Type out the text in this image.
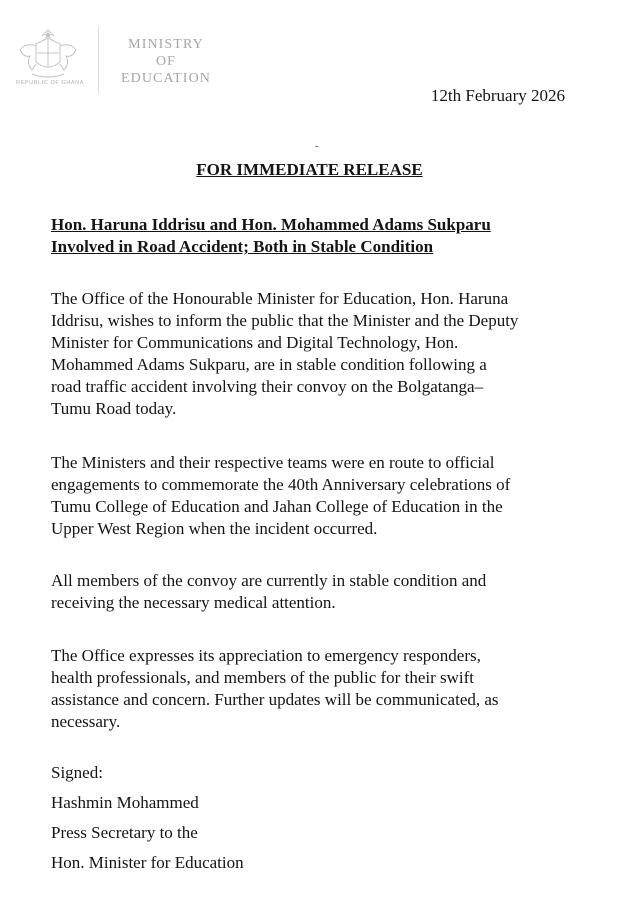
REPUBLIC OF GHANA
MINISTRY
OF
EDUCATION
12th February 2026
-
FOR IMMEDIATE RELEASE
Hon. Haruna Iddrisu and Hon. Mohammed Adams Sukparu
Involved in Road Accident; Both in Stable Condition
The Office of the Honourable Minister for Education, Hon. Haruna
Iddrisu, wishes to inform the public that the Minister and the Deputy
Minister for Communications and Digital Technology, Hon.
Mohammed Adams Sukparu, are in stable condition following a
road traffic accident involving their convoy on the Bolgatanga–
Tumu Road today.
The Ministers and their respective teams were en route to official
engagements to commemorate the 40th Anniversary celebrations of
Tumu College of Education and Jahan College of Education in the
Upper West Region when the incident occurred.
All members of the convoy are currently in stable condition and
receiving the necessary medical attention.
The Office expresses its appreciation to emergency responders,
health professionals, and members of the public for their swift
assistance and concern. Further updates will be communicated, as
necessary.
Signed:
Hashmin Mohammed
Press Secretary to the
Hon. Minister for Education
